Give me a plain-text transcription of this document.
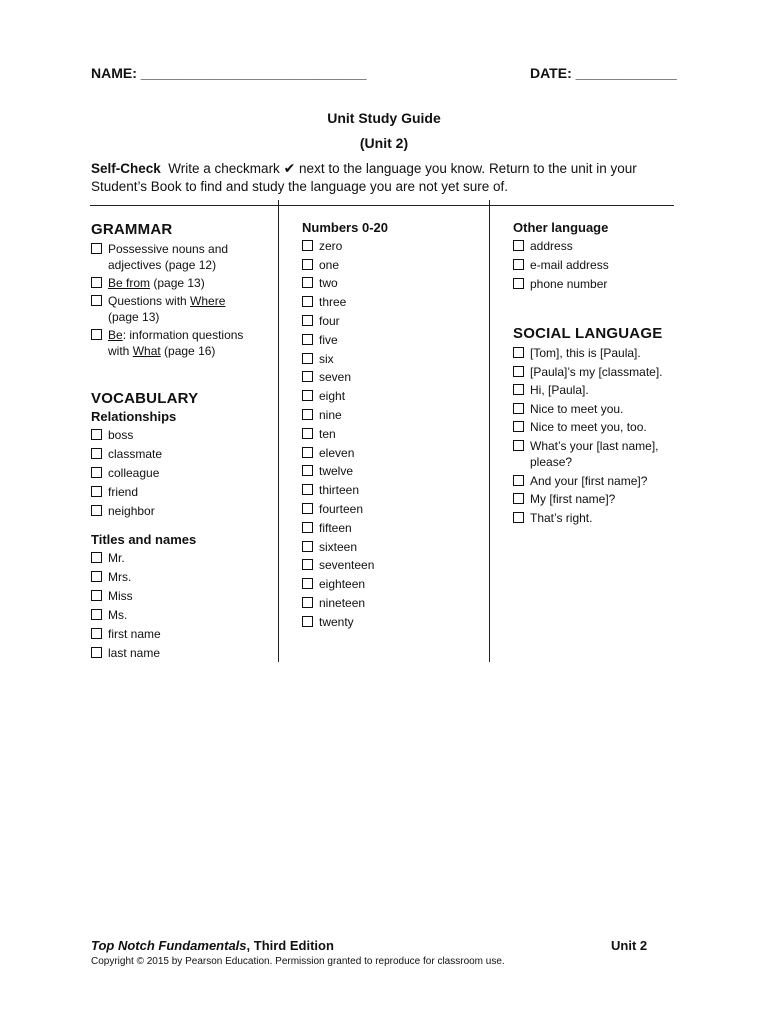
NAME: _____________________________	DATE: _____________
Unit Study Guide
(Unit 2)
Self-Check  Write a checkmark ✔ next to the language you know. Return to the unit in your Student’s Book to find and study the language you are not yet sure of.
GRAMMAR
Possessive nouns and
adjectives (page 12)
Be from (page 13)
Questions with Where
(page 13)
Be: information questions
with What (page 16)
VOCABULARY
Relationships
boss
classmate
colleague
friend
neighbor
Titles and names
Mr.
Mrs.
Miss
Ms.
first name
last name
Numbers 0-20
zero
one
two
three
four
five
six
seven
eight
nine
ten
eleven
twelve
thirteen
fourteen
fifteen
sixteen
seventeen
eighteen
nineteen
twenty
Other language
address
e-mail address
phone number
SOCIAL LANGUAGE
[Tom], this is [Paula].
[Paula]’s my [classmate].
Hi, [Paula].
Nice to meet you.
Nice to meet you, too.
What’s your [last name],
please?
And your [first name]?
My [first name]?
That’s right.
Top Notch Fundamentals, Third Edition	Unit 2
Copyright © 2015 by Pearson Education. Permission granted to reproduce for classroom use.
